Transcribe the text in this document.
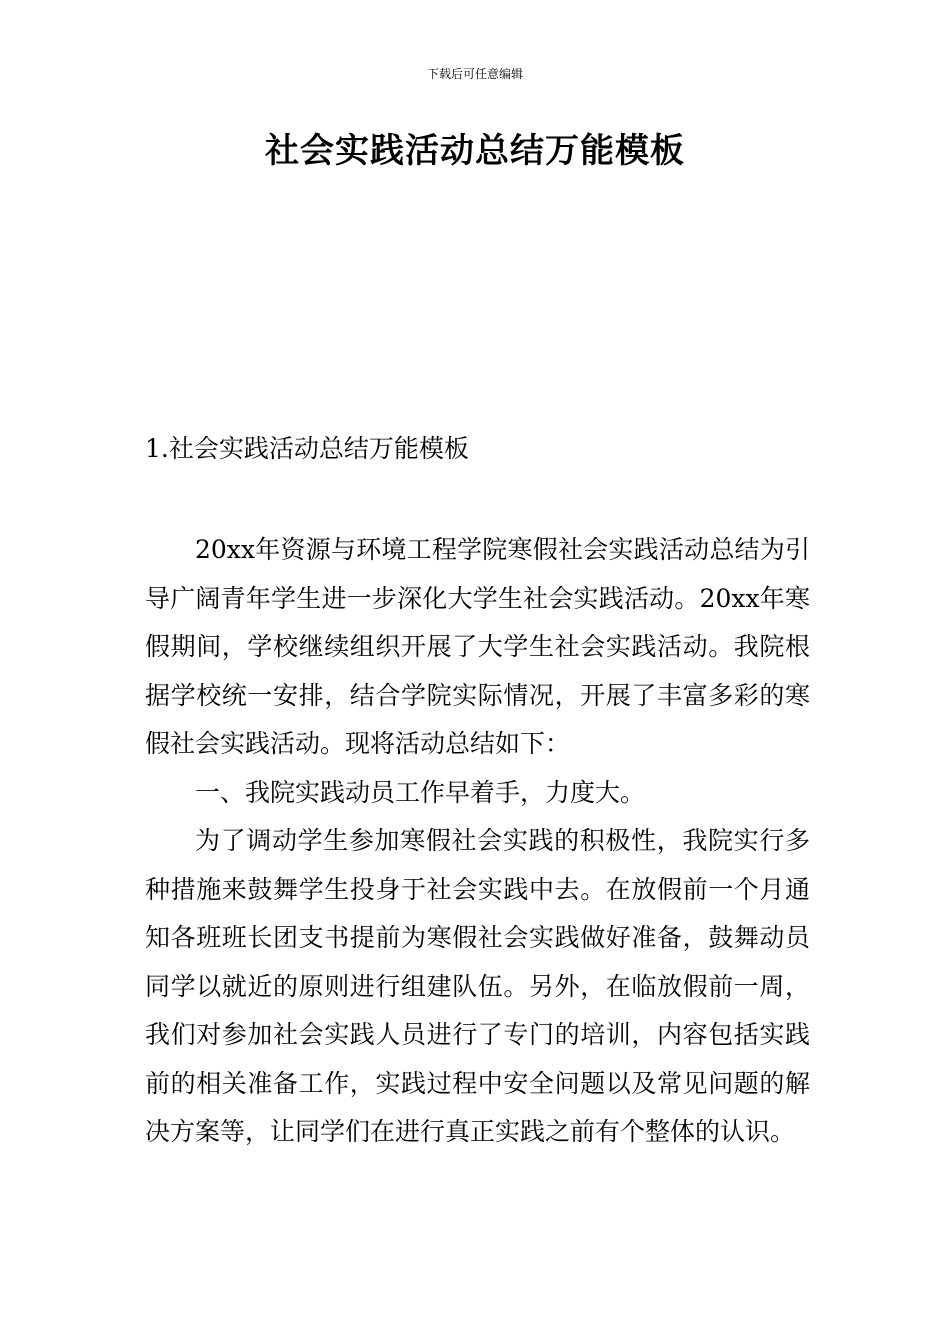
下载后可任意编辑
社会实践活动总结万能模板
1.社会实践活动总结万能模板

20xx年资源与环境工程学院寒假社会实践活动总结为引导广阔青年学生进一步深化大学生社会实践活动。20xx年寒假期间，学校继续组织开展了大学生社会实践活动。我院根据学校统一安排，结合学院实际情况，开展了丰富多彩的寒假社会实践活动。现将活动总结如下：

一、我院实践动员工作早着手，力度大。

为了调动学生参加寒假社会实践的积极性，我院实行多种措施来鼓舞学生投身于社会实践中去。在放假前一个月通知各班班长团支书提前为寒假社会实践做好准备，鼓舞动员同学以就近的原则进行组建队伍。另外，在临放假前一周，我们对参加社会实践人员进行了专门的培训，内容包括实践前的相关准备工作，实践过程中安全问题以及常见问题的解决方案等，让同学们在进行真正实践之前有个整体的认识。
